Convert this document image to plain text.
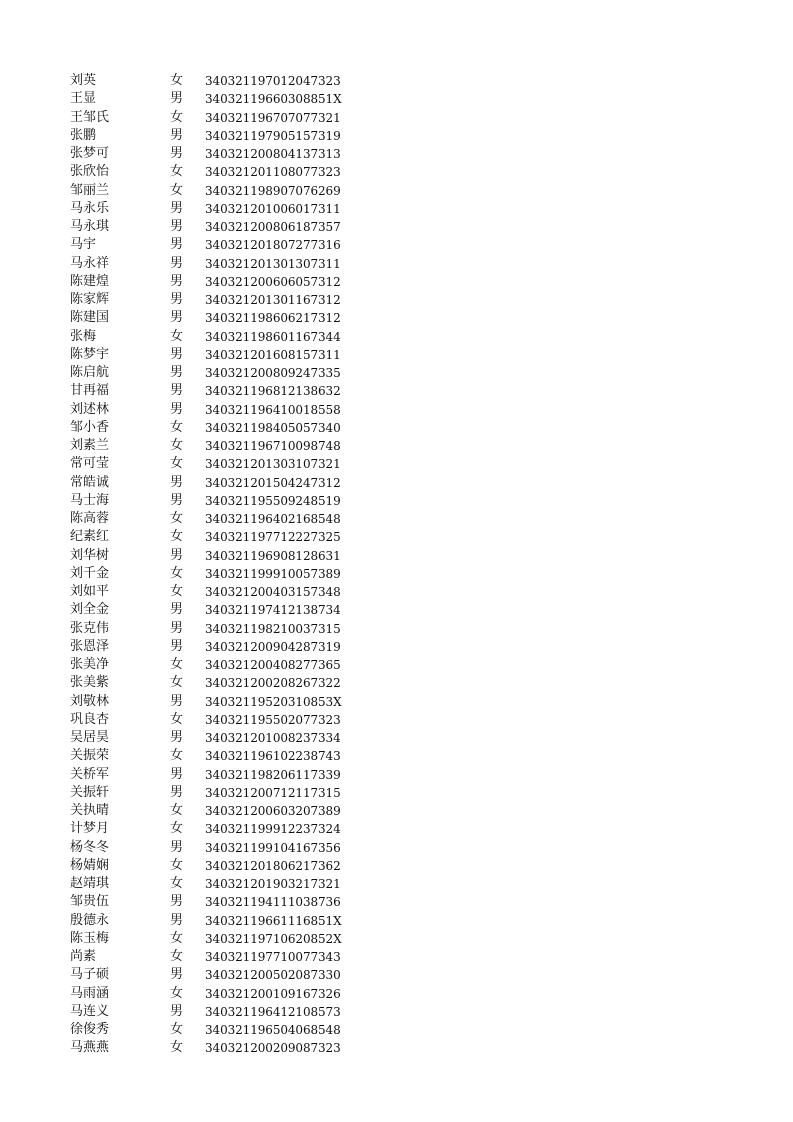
刘英	女	340321197012047323
王显	男	34032119660308851X
王邹氏	女	340321196707077321
张鹏	男	340321197905157319
张梦可	男	340321200804137313
张欣怡	女	340321201108077323
邹丽兰	女	340321198907076269
马永乐	男	340321201006017311
马永琪	男	340321200806187357
马宇	男	340321201807277316
马永祥	男	340321201301307311
陈建煌	男	340321200606057312
陈家辉	男	340321201301167312
陈建国	男	340321198606217312
张梅	女	340321198601167344
陈梦宇	男	340321201608157311
陈启航	男	340321200809247335
甘再福	男	340321196812138632
刘述林	男	340321196410018558
邹小香	女	340321198405057340
刘素兰	女	340321196710098748
常可莹	女	340321201303107321
常皓诚	男	340321201504247312
马士海	男	340321195509248519
陈高蓉	女	340321196402168548
纪素红	女	340321197712227325
刘华树	男	340321196908128631
刘千金	女	340321199910057389
刘如平	女	340321200403157348
刘全金	男	340321197412138734
张克伟	男	340321198210037315
张恩泽	男	340321200904287319
张美净	女	340321200408277365
张美紫	女	340321200208267322
刘敬林	男	34032119520310853X
巩良杏	女	340321195502077323
吴居昊	男	340321201008237334
关振荣	女	340321196102238743
关桥军	男	340321198206117339
关振轩	男	340321200712117315
关执晴	女	340321200603207389
计梦月	女	340321199912237324
杨冬冬	男	340321199104167356
杨婧娴	女	340321201806217362
赵靖琪	女	340321201903217321
邹贵伍	男	340321194111038736
殷德永	男	34032119661116851X
陈玉梅	女	34032119710620852X
尚素	女	340321197710077343
马子硕	男	340321200502087330
马雨涵	女	340321200109167326
马连义	男	340321196412108573
徐俊秀	女	340321196504068548
马燕燕	女	340321200209087323
